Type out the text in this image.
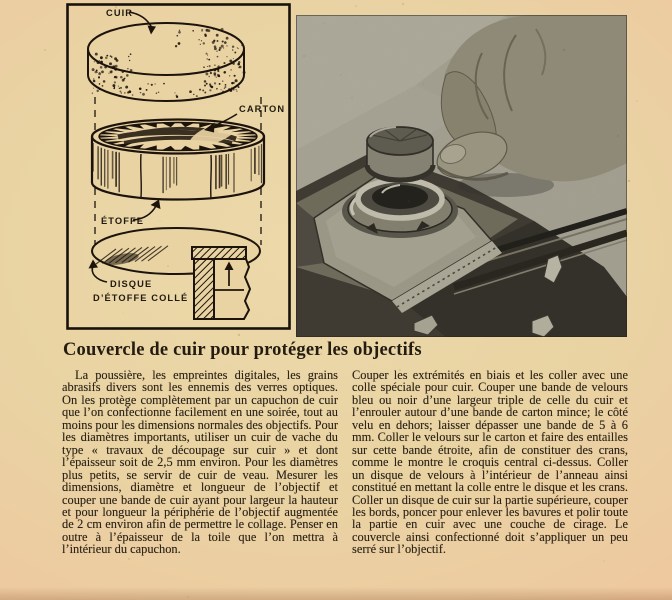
CUIR
CARTON
ÉTOFFE
DISQUE
D’ÉTOFFE COLLÉ
Couvercle de cuir pour protéger les objectifs
La poussière, les empreintes digitales, les grains abrasifs divers sont les ennemis des verres optiques. On les protège complètement par un capuchon de cuir que l’on confectionne facilement en une soirée, tout au moins pour les dimensions normales des objectifs. Pour les diamètres importants, utiliser un cuir de vache du type « travaux de découpage sur cuir » et dont l’épaisseur soit de 2,5 mm environ. Pour les diamètres plus petits, se servir de cuir de veau. Mesurer les dimensions, diamètre et longueur de l’objectif et couper une bande de cuir ayant pour largeur la hauteur et pour longueur la périphérie de l’objectif augmentée de 2 cm environ afin de permettre le collage. Penser en outre à l’épaisseur de la toile que l’on mettra à l’intérieur du capuchon.
Couper les extrémités en biais et les coller avec une colle spéciale pour cuir. Couper une bande de velours bleu ou noir d’une largeur triple de celle du cuir et l’enrouler autour d’une bande de carton mince; le côté velu en dehors; laisser dépasser une bande de 5 à 6 mm. Coller le velours sur le carton et faire des entailles sur cette bande étroite, afin de constituer des crans, comme le montre le croquis central ci-dessus. Coller un disque de velours à l’intérieur de l’anneau ainsi constitué en mettant la colle entre le disque et les crans. Coller un disque de cuir sur la partie supérieure, couper les bords, poncer pour enlever les bavures et polir toute la partie en cuir avec une couche de cirage. Le couvercle ainsi confectionné doit s’appliquer un peu serré sur l’objectif.
